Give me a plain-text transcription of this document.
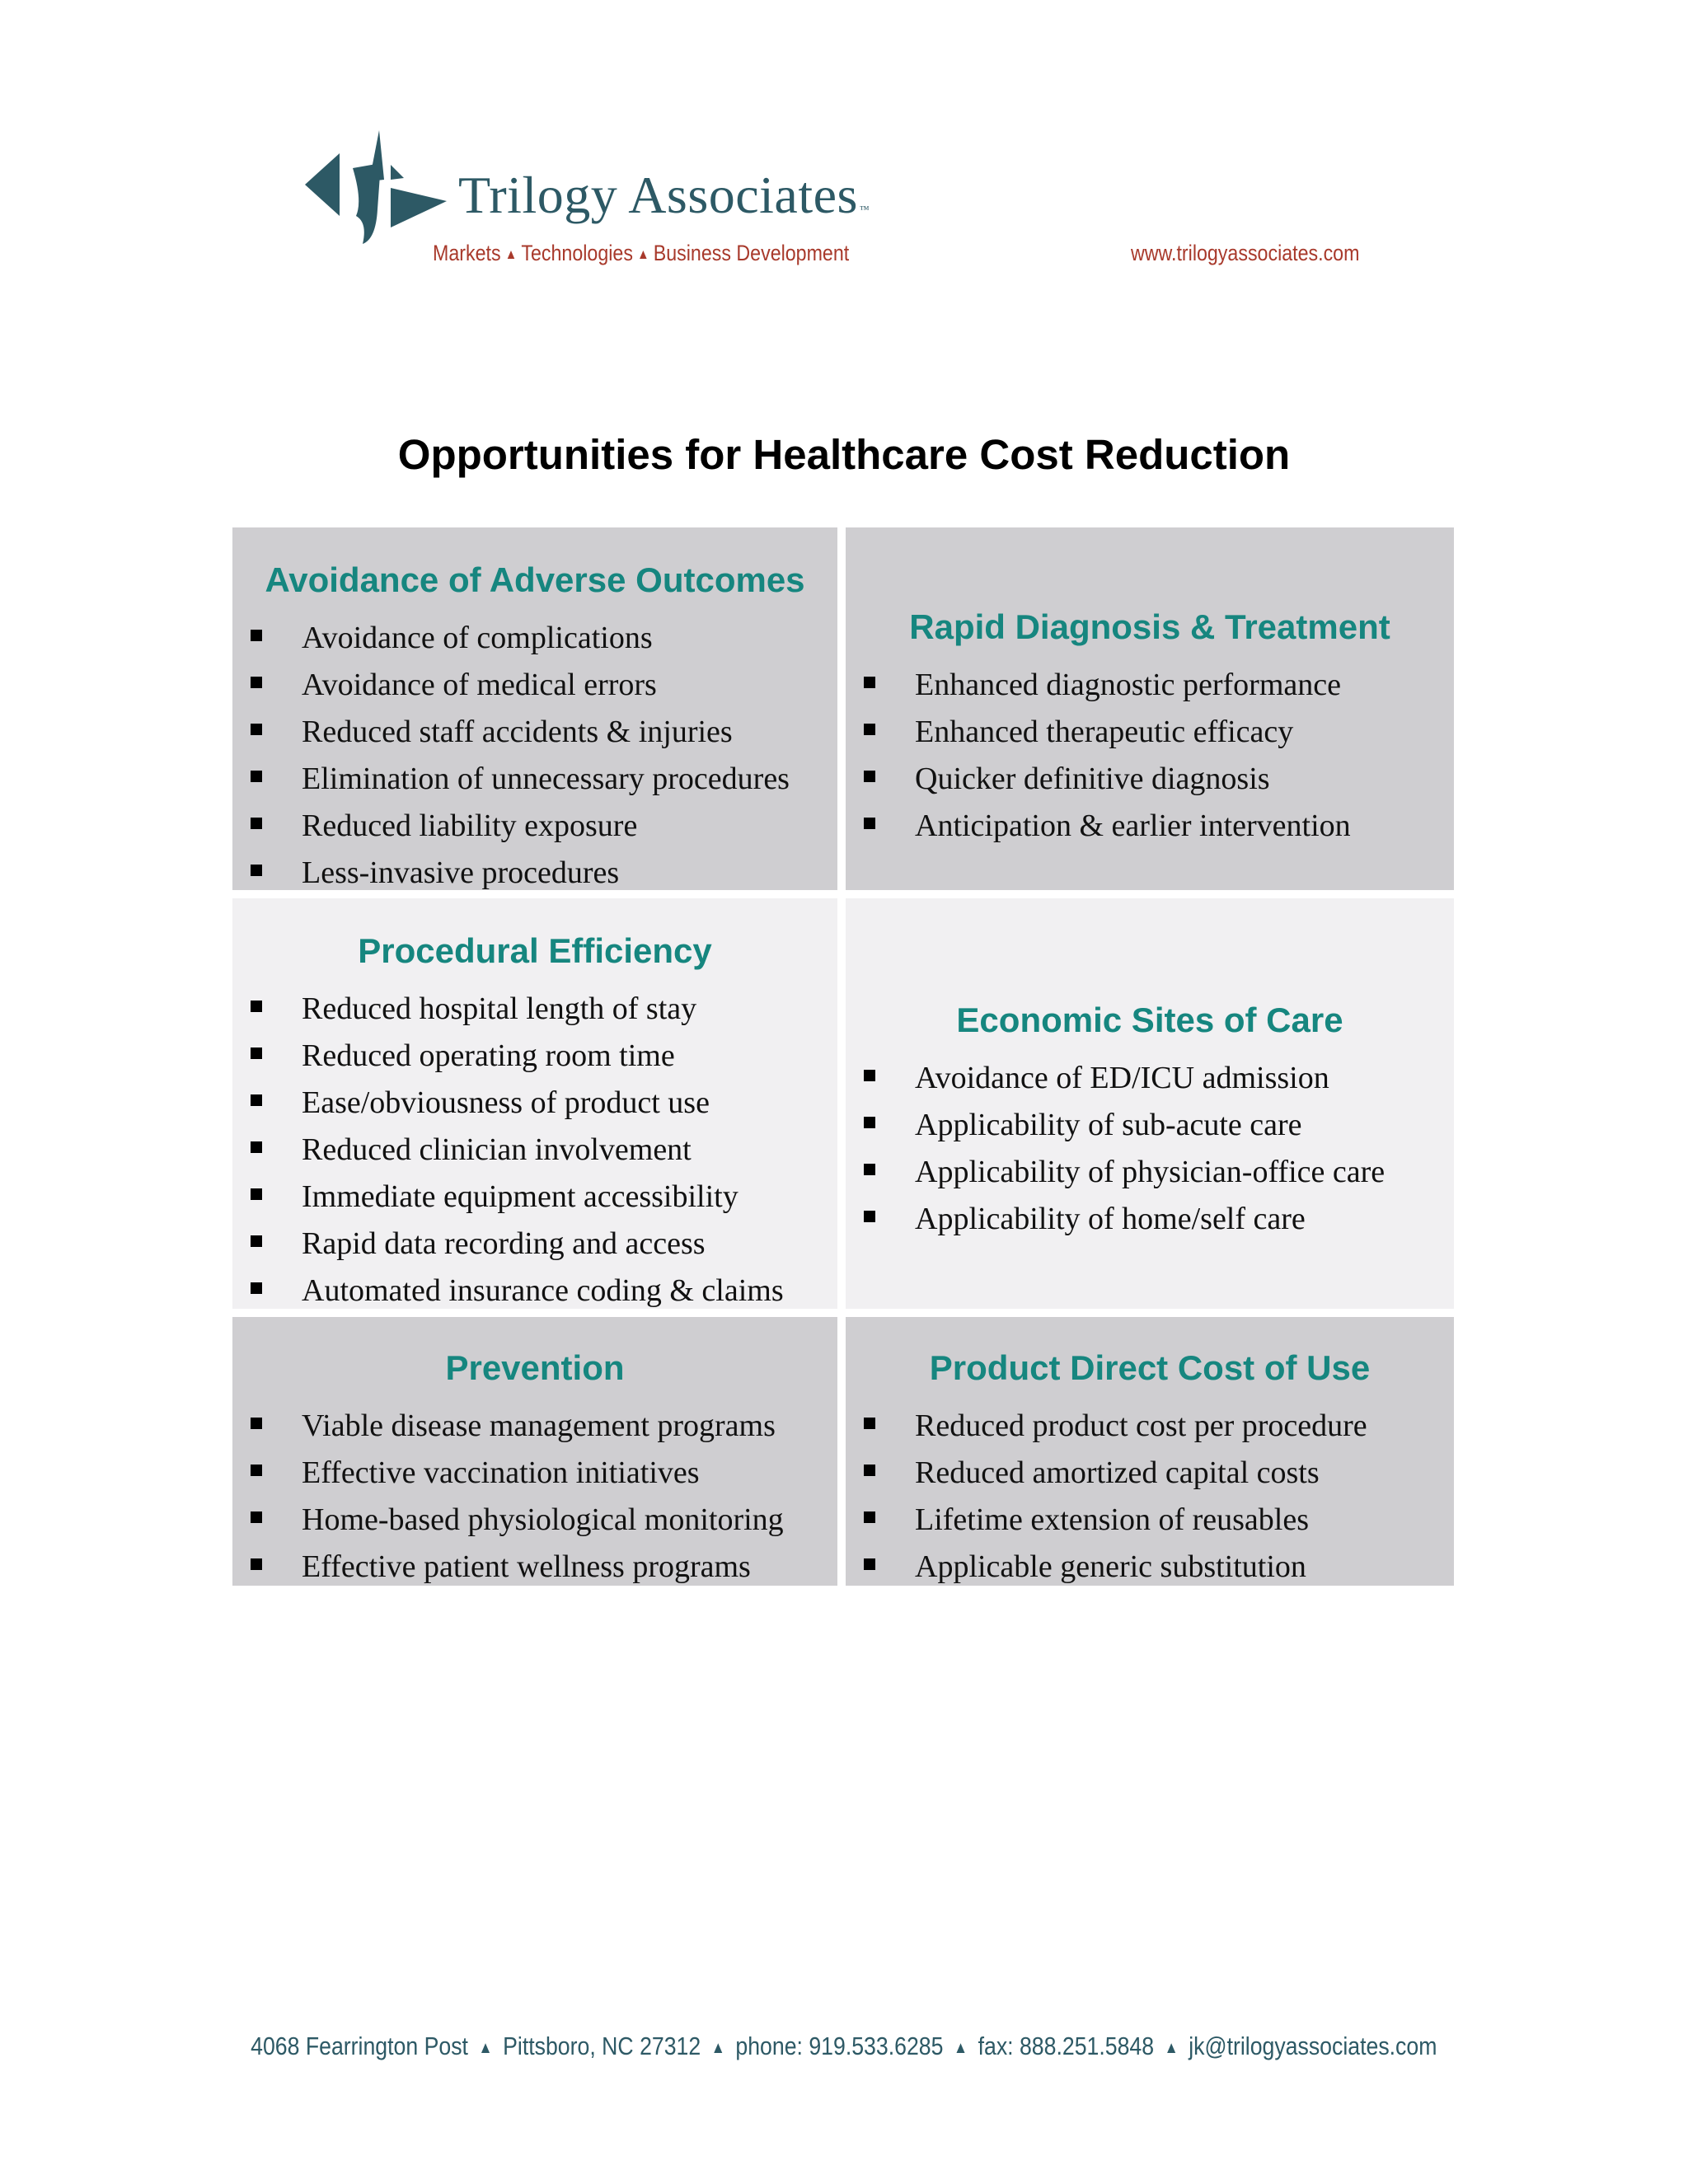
Trilogy Associates ™
Markets ▲ Technologies ▲ Business Development	www.trilogyassociates.com
Opportunities for Healthcare Cost Reduction
Avoidance of Adverse Outcomes
Avoidance of complications
Avoidance of medical errors
Reduced staff accidents & injuries
Elimination of unnecessary procedures
Reduced liability exposure
Less-invasive procedures
Rapid Diagnosis & Treatment
Enhanced diagnostic performance
Enhanced therapeutic efficacy
Quicker definitive diagnosis
Anticipation & earlier intervention
Procedural Efficiency
Reduced hospital length of stay
Reduced operating room time
Ease/obviousness of product use
Reduced clinician involvement
Immediate equipment accessibility
Rapid data recording and access
Automated insurance coding & claims
Economic Sites of Care
Avoidance of ED/ICU admission
Applicability of sub-acute care
Applicability of physician-office care
Applicability of home/self care
Prevention
Viable disease management programs
Effective vaccination initiatives
Home-based physiological monitoring
Effective patient wellness programs
Product Direct Cost of Use
Reduced product cost per procedure
Reduced amortized capital costs
Lifetime extension of reusables
Applicable generic substitution
4068 Fearrington Post ▲ Pittsboro, NC 27312 ▲ phone: 919.533.6285 ▲ fax: 888.251.5848 ▲ jk@trilogyassociates.com
